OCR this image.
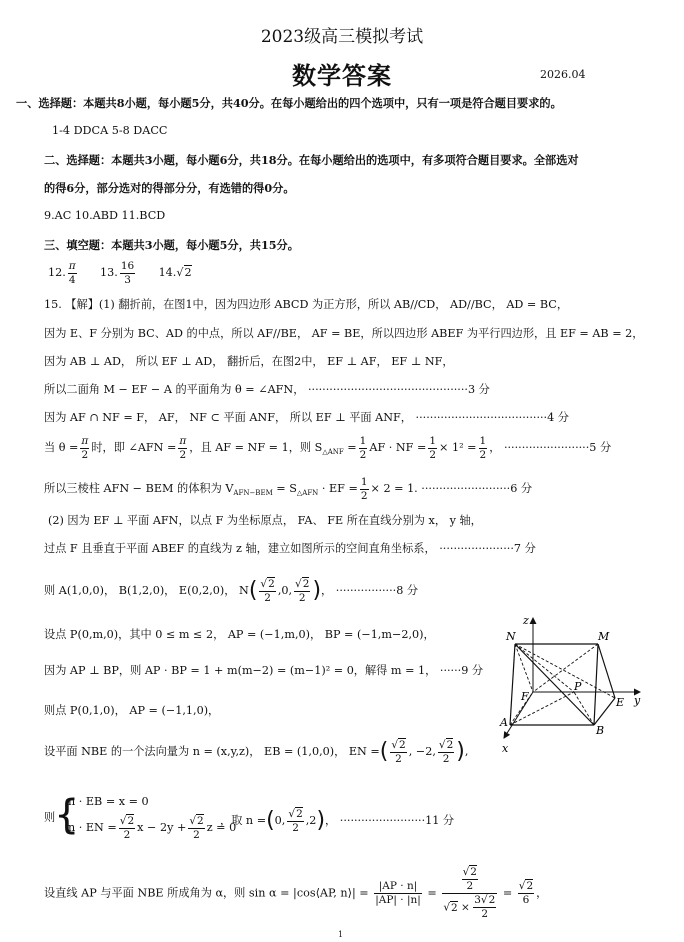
2023级高三模拟考试
数学答案	2026.04
一、选择题：本题共8小题，每小题5分，共40分。在每小题给出的四个选项中，只有一项是符合题目要求的。
1-4 DDCA 5-8 DACC
二、选择题：本题共3小题，每小题6分，共18分。在每小题给出的选项中，有多项符合题目要求。全部选对
的得6分，部分选对的得部分分，有选错的得0分。
9.AC 10.ABD 11.BCD
三、填空题：本题共3小题，每小题5分，共15分。
12. $\frac{\pi}{4} 13$. $\frac{16}{3} 14.√2$
15. 【解】(1) 翻折前，在图1中，因为四边形 ABCD 为正方形，所以 AB//CD， AD//BC， AD = BC，
因为 E、F 分别为 BC、AD 的中点，所以 AF//BE， AF = BE，所以四边形 ABEF 为平行四边形，且 EF = AB = 2，
因为 AB ⊥ AD， 所以 EF ⊥ AD， 翻折后，在图2中， EF ⊥ AF， EF ⊥ NF，
所以二面角 M − EF − A 的平面角为 θ = ∠AFN， ·············································3 分
因为 AF ∩ NF = F， AF， NF ⊂ 平面 ANF， 所以 EF ⊥ 平面 ANF， ·····································4 分
当 $\theta = \frac{\pi}{2}$ 时，即 ∠AFN = $\frac{\pi}{2}$ ，且 AF = NF = 1，则 $S_{\triangle ANF} = \frac{1}{2}$ AF · NF = $\frac{1}{2} \times 1^2 = \frac{1}{2}$ ， ························5 分
所以三棱柱 AFN − BEM 的体积为 $V_{AFN-BEM} = S_{\triangle AFN}$ · EF = $\frac{1}{2} \times 2 = 1$. ·························6 分
(2) 因为 EF ⊥ 平面 AFN，以点 F 为坐标原点， FA、 FE 所在直线分别为 x， y 轴，
过点 F 且垂直于平面 ABEF 的直线为 z 轴，建立如图所示的空间直角坐标系， ·····················7 分
则 A(1,0,0)， B(1,2,0)， E(0,2,0)， $N( \frac{√2}{2} ,0$, $\frac{√2}{2}$ )， ·················8 分
设点 P(0,m,0)，其中 0 ≤ m ≤ 2， AP = (−1,m,0)， BP = (−1,m−2,0)，
因为 AP ⊥ BP，则 AP · BP = 1 + m(m−2) = (m−1)² = 0，解得 m = 1， ······9 分
则点 P(0,1,0)， AP = (−1,1,0)，
设平面 NBE 的一个法向量为 n = (x,y,z)， EB = (1,0,0)， EN =( $\frac{√2}{2}$ , −2, $\frac{√2}{2}$ ),
则
{
n · EB = x = 0
n · EN = $\frac{√2}{2}$ $x - 2y + \frac{√2}{2}$ z = 0
，取 n =(0, $\frac{√2}{2} ,2$)， ························11 分
设直线 AP 与平面 NBE 所成角为 α，则 sin α = |cos⟨AP, n⟩| = $\frac{|AP \cdot n|}{|AP| \cdot |n|} = \frac{\frac{√2}{2}}{√2 \times \frac{3√2}{2}} = \frac{√2}{6}$ ，
z
N	M
F
P
E y
A
B
x
1
